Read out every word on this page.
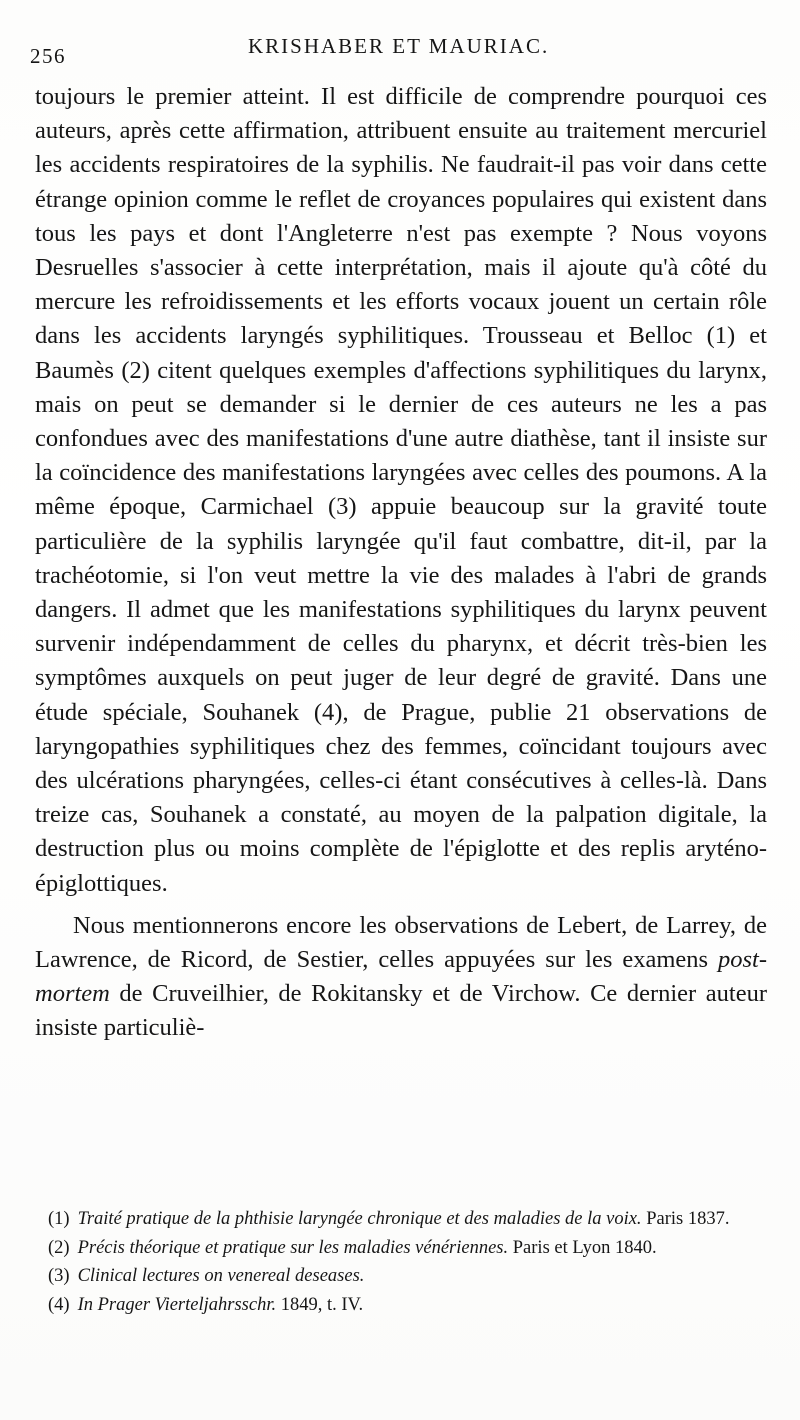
256	KRISHABER ET MAURIAC.

toujours le premier atteint. Il est difficile de comprendre pourquoi ces auteurs, après cette affirmation, attribuent ensuite au traitement mercuriel les accidents respiratoires de la syphilis. Ne faudrait-il pas voir dans cette étrange opinion comme le reflet de croyances populaires qui existent dans tous les pays et dont l'Angleterre n'est pas exempte ? Nous voyons Desruelles s'associer à cette interprétation, mais il ajoute qu'à côté du mercure les refroidissements et les efforts vocaux jouent un certain rôle dans les accidents laryngés syphilitiques. Trousseau et Belloc (1) et Baumès (2) citent quelques exemples d'affections syphilitiques du larynx, mais on peut se demander si le dernier de ces auteurs ne les a pas confondues avec des manifestations d'une autre diathèse, tant il insiste sur la coïncidence des manifestations laryngées avec celles des poumons. A la même époque, Carmichael (3) appuie beaucoup sur la gravité toute particulière de la syphilis laryngée qu'il faut combattre, dit-il, par la trachéotomie, si l'on veut mettre la vie des malades à l'abri de grands dangers. Il admet que les manifestations syphilitiques du larynx peuvent survenir indépendamment de celles du pharynx, et décrit très-bien les symptômes auxquels on peut juger de leur degré de gravité. Dans une étude spéciale, Souhanek (4), de Prague, publie 21 observations de laryngopathies syphilitiques chez des femmes, coïncidant toujours avec des ulcérations pharyngées, celles-ci étant consécutives à celles-là. Dans treize cas, Souhanek a constaté, au moyen de la palpation digitale, la destruction plus ou moins complète de l'épiglotte et des replis aryténo-épiglottiques.

Nous mentionnerons encore les observations de Lebert, de Larrey, de Lawrence, de Ricord, de Sestier, celles appuyées sur les examens post-mortem de Cruveilhier, de Rokitansky et de Virchow. Ce dernier auteur insiste particuliè-

(1) Traité pratique de la phthisie laryngée chronique et des maladies de la voix. Paris 1837.

(2) Précis théorique et pratique sur les maladies vénériennes. Paris et Lyon 1840.

(3) Clinical lectures on venereal deseases.

(4) In Prager Vierteljahrsschr. 1849, t. IV.
